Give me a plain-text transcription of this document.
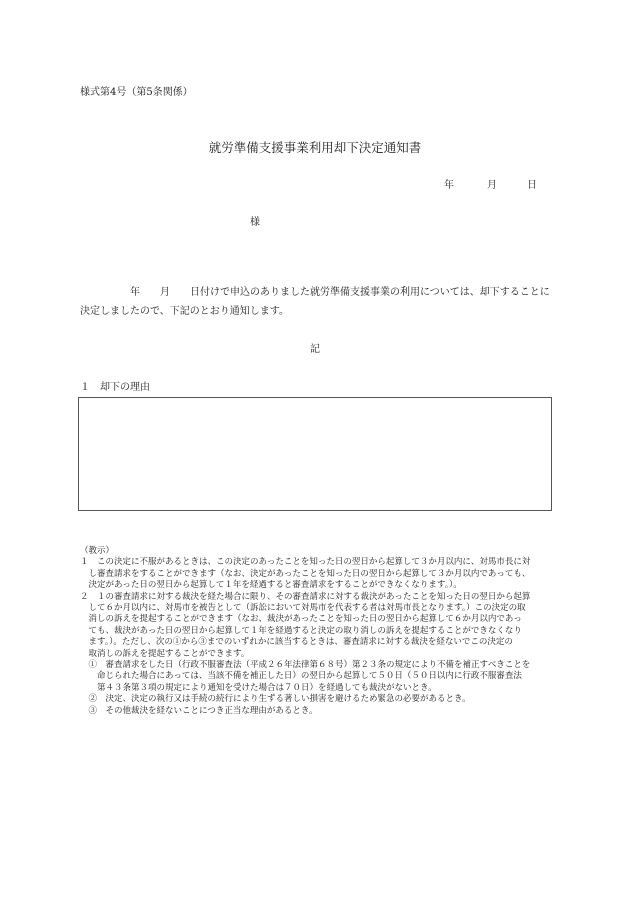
様式第4号（第5条関係）
就労準備支援事業利用却下決定通知書
年	月	日
様
年　　月　　日付けで申込のありました就労準備支援事業の利用については、却下することに
決定しましたので、下記のとおり通知します。
記
１　却下の理由
（教示）
１　この決定に不服があるときは、この決定のあったことを知った日の翌日から起算して３か月以内に、対馬市長に対
　し審査請求をすることができます（なお、決定があったことを知った日の翌日から起算して３か月以内であっても、
　決定があった日の翌日から起算して１年を経過すると審査請求をすることができなくなります。）。
２　１の審査請求に対する裁決を経た場合に限り、その審査請求に対する裁決があったことを知った日の翌日から起算
　して６か月以内に、対馬市を被告として（訴訟において対馬市を代表する者は対馬市長となります。）この決定の取
　消しの訴えを提起することができます（なお、裁決があったことを知った日の翌日から起算して６か月以内であっ
　ても、裁決があった日の翌日から起算して１年を経過すると決定の取り消しの訴えを提起することができなくなり
　ます。）。ただし、次の①から③までのいずれかに該当するときは、審査請求に対する裁決を経ないでこの決定の
　取消しの訴えを提起することができます。
　①　審査請求をした日（行政不服審査法（平成２６年法律第６８号）第２３条の規定により不備を補正すべきことを
　　命じられた場合にあっては、当該不備を補正した日）の翌日から起算して５０日（５０日以内に行政不服審査法
　　第４３条第３項の規定により通知を受けた場合は７０日）を経過しても裁決がないとき。
　②　決定、決定の執行又は手続の続行により生ずる著しい損害を避けるため緊急の必要があるとき。
　③　その他裁決を経ないことにつき正当な理由があるとき。
